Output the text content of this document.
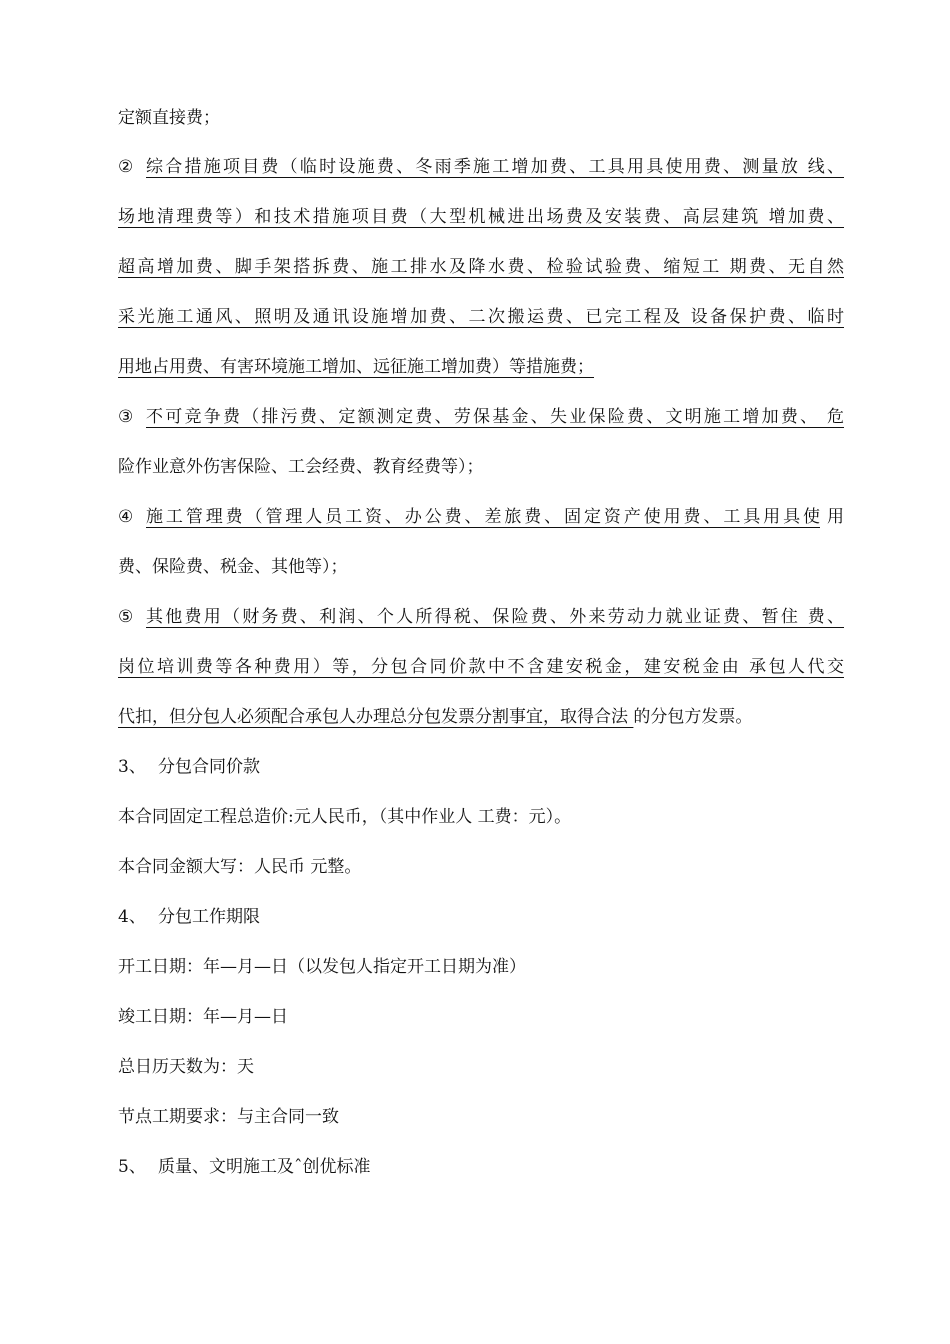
定额直接费；
② 综合措施项目费（临时设施费、冬雨季施工增加费、工具用具使用费、测量放 线、
场地清理费等）和技术措施项目费（大型机械进出场费及安装费、高层建筑 增加费、
超高增加费、脚手架搭拆费、施工排水及降水费、检验试验费、缩短工 期费、无自然
采光施工通风、照明及通讯设施增加费、二次搬运费、已完工程及 设备保护费、临时
用地占用费、有害环境施工增加、远征施工增加费）等措施费；
③ 不可竞争费（排污费、定额测定费、劳保基金、失业保险费、文明施工增加费、 危
险作业意外伤害保险、工会经费、教育经费等）；
④ 施工管理费（管理人员工资、办公费、差旅费、固定资产使用费、工具用具使 用
费、保险费、税金、其他等）；
⑤ 其他费用（财务费、利润、个人所得税、保险费、外来劳动力就业证费、暂住 费、
岗位培训费等各种费用）等，分包合同价款中不含建安税金，建安税金由 承包人代交
代扣，但分包人必须配合承包人办理总分包发票分割事宜，取得合法 的分包方发票。
3、 分包合同价款
本合同固定工程总造价:元人民币，（其中作业人 工费：元）。
本合同金额大写：人民币 元整。
4、 分包工作期限
开工日期：年—月—日（以发包人指定开工日期为准）
竣工日期：年—月—日
总日历天数为：天
节点工期要求：与主合同一致
5、 质量、文明施工及ˆ创优标准
